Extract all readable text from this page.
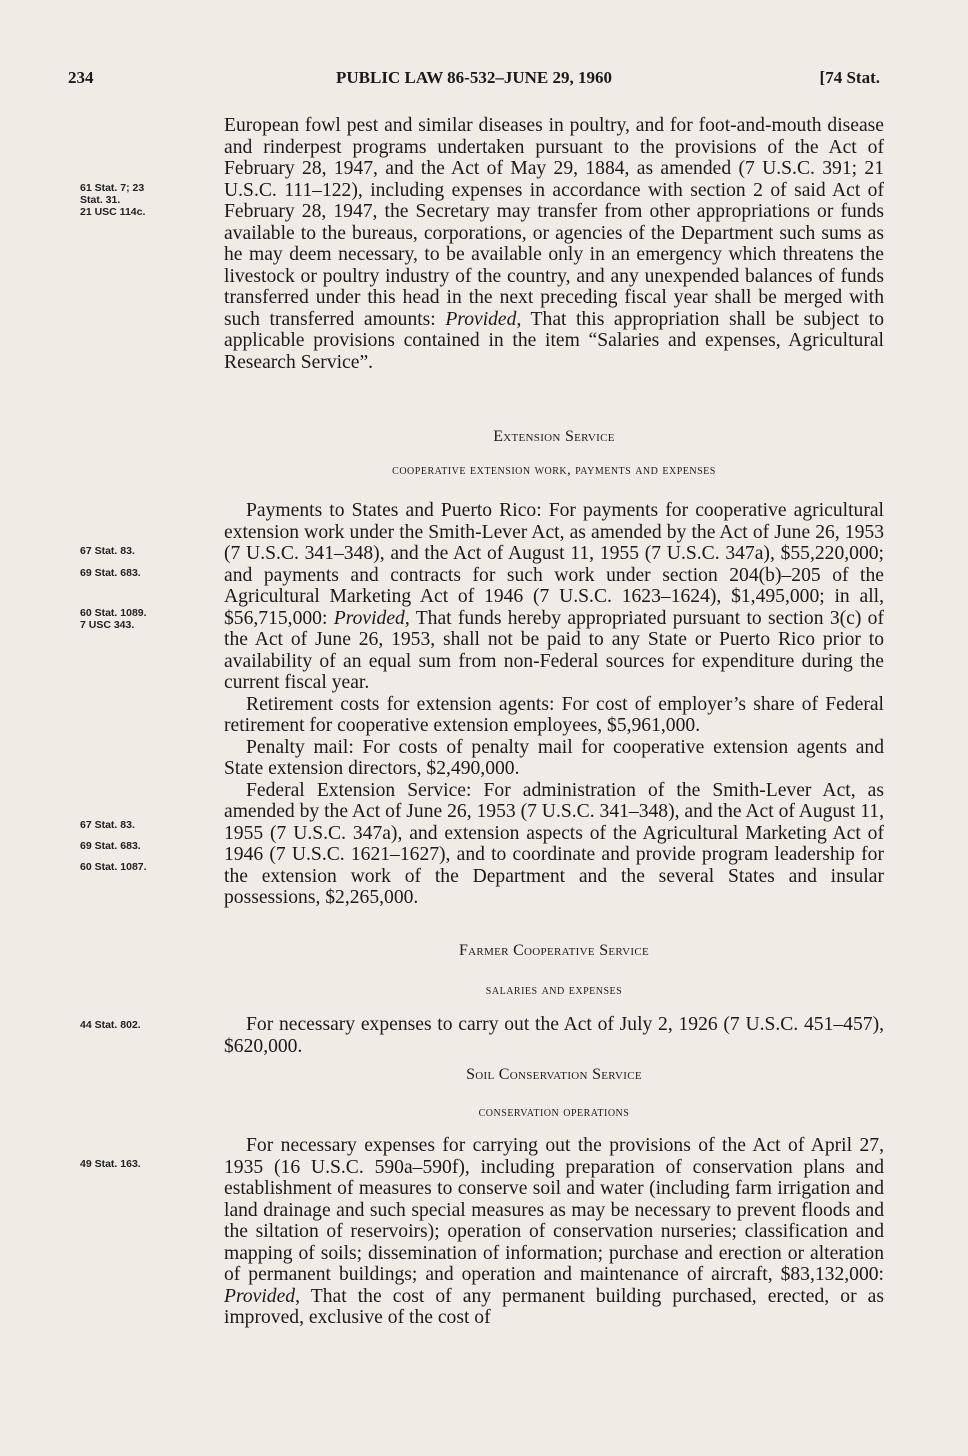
234	PUBLIC LAW 86-532–JUNE 29, 1960	[74 Stat.
61 Stat. 7; 23
Stat. 31.
21 USC 114c.
67 Stat. 83.
69 Stat. 683.
60 Stat. 1089.
7 USC 343.
67 Stat. 83.
69 Stat. 683.
60 Stat. 1087.
44 Stat. 802.
49 Stat. 163.

European fowl pest and similar diseases in poultry, and for foot-and-mouth disease and rinderpest programs undertaken pursuant to the provisions of the Act of February 28, 1947, and the Act of May 29, 1884, as amended (7 U.S.C. 391; 21 U.S.C. 111–122), including expenses in accordance with section 2 of said Act of February 28, 1947, the Secretary may transfer from other appropriations or funds available to the bureaus, corporations, or agencies of the Department such sums as he may deem necessary, to be available only in an emergency which threatens the livestock or poultry industry of the country, and any unexpended balances of funds transferred under this head in the next preceding fiscal year shall be merged with such transferred amounts: Provided, That this appropriation shall be subject to applicable provisions contained in the item “Salaries and expenses, Agricultural Research Service”.

Extension Service
cooperative extension work, payments and expenses

Payments to States and Puerto Rico: For payments for cooperative agricultural extension work under the Smith-Lever Act, as amended by the Act of June 26, 1953 (7 U.S.C. 341–348), and the Act of August 11, 1955 (7 U.S.C. 347a), $55,220,000; and payments and contracts for such work under section 204(b)–205 of the Agricultural Marketing Act of 1946 (7 U.S.C. 1623–1624), $1,495,000; in all, $56,715,000: Provided, That funds hereby appropriated pursuant to section 3(c) of the Act of June 26, 1953, shall not be paid to any State or Puerto Rico prior to availability of an equal sum from non-Federal sources for expenditure during the current fiscal year.

Retirement costs for extension agents: For cost of employer’s share of Federal retirement for cooperative extension employees, $5,961,000.

Penalty mail: For costs of penalty mail for cooperative extension agents and State extension directors, $2,490,000.

Federal Extension Service: For administration of the Smith-Lever Act, as amended by the Act of June 26, 1953 (7 U.S.C. 341–348), and the Act of August 11, 1955 (7 U.S.C. 347a), and extension aspects of the Agricultural Marketing Act of 1946 (7 U.S.C. 1621–1627), and to coordinate and provide program leadership for the extension work of the Department and the several States and insular possessions, $2,265,000.

Farmer Cooperative Service
salaries and expenses

For necessary expenses to carry out the Act of July 2, 1926 (7 U.S.C. 451–457), $620,000.

Soil Conservation Service
conservation operations

For necessary expenses for carrying out the provisions of the Act of April 27, 1935 (16 U.S.C. 590a–590f), including preparation of conservation plans and establishment of measures to conserve soil and water (including farm irrigation and land drainage and such special measures as may be necessary to prevent floods and the siltation of reservoirs); operation of conservation nurseries; classification and mapping of soils; dissemination of information; purchase and erection or alteration of permanent buildings; and operation and maintenance of aircraft, $83,132,000: Provided, That the cost of any permanent building purchased, erected, or as improved, exclusive of the cost of
